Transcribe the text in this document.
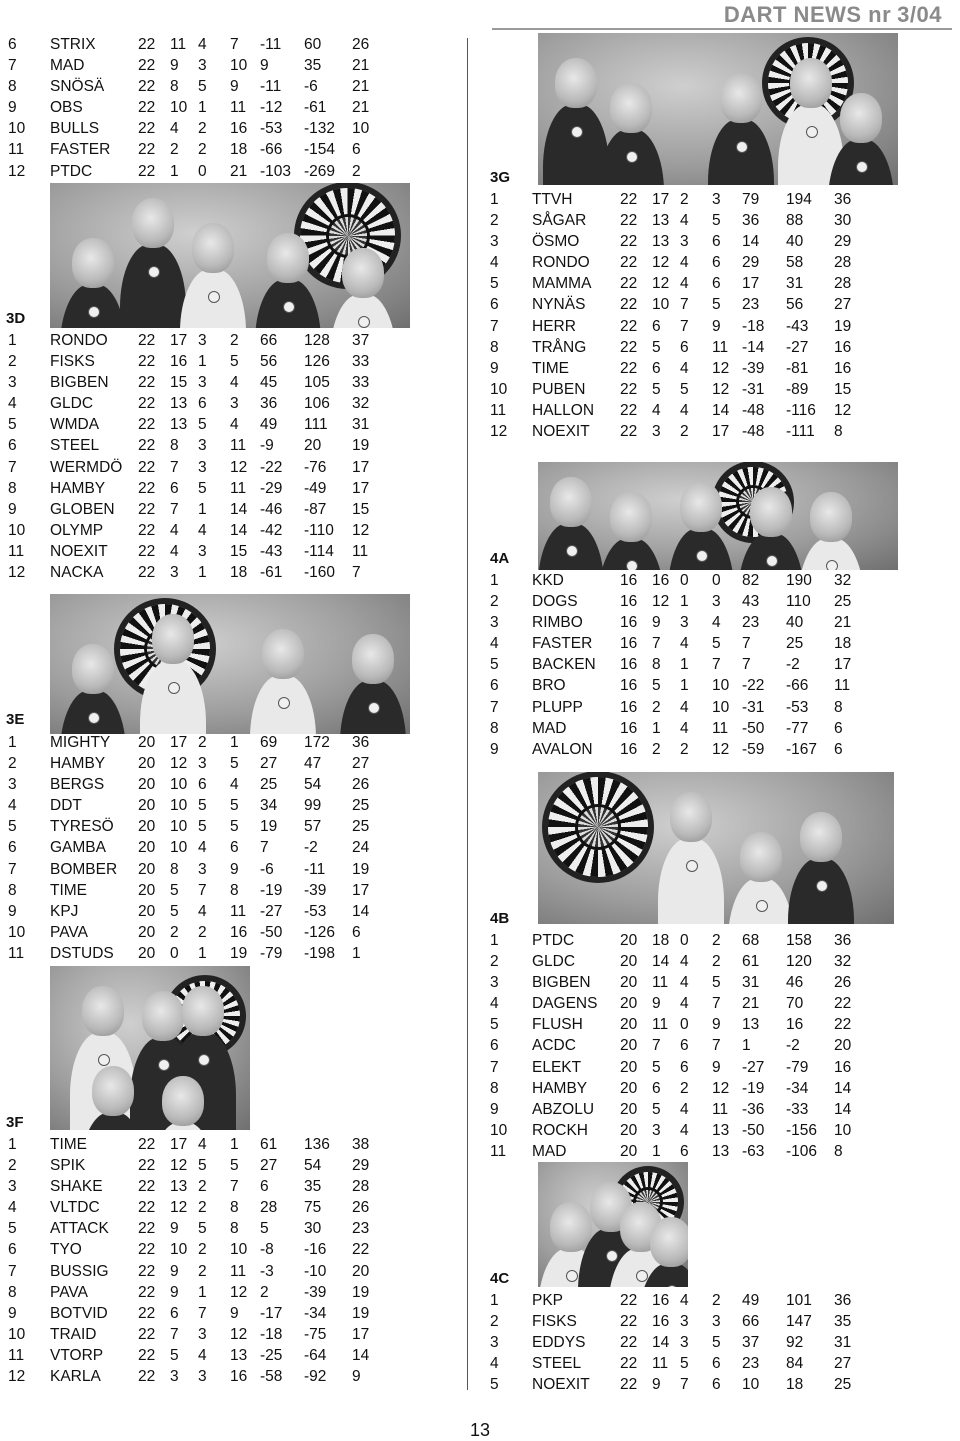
DART NEWS nr 3/04
6 STRIX	22 11 4 7 -11 60 26
7 MAD	22 9 3 10 9 35 21
8 SNÖSÄ 22 8 5 9 -11 -6 21
9 OBS	22 10 1 11 -12 -61 21
10 BULLS	22 4 2 16 -53 -132 10
11 FASTER 22 2 2 18 -66 -154 6
12 PTDC	22 1 0 21 -103 -269 2
3D
1 RONDO 22 17 3 2 66 128 37
2 FISKS	22 16 1 5 56 126 33
3 BIGBEN 22 15 3 4 45 105 33
4 GLDC	22 13 6 3 36 106 32
5 WMDA	22 13 5 4 49 111 31
6 STEEL	22 8 3 11 -9 20 19
7 WERMDÖ 22 7 3 12 -22 -76 17
8 HAMBY 22 6 5 11 -29 -49 17
9 GLOBEN 22 7 1 14 -46 -87 15
10 OLYMP 22 4 4 14 -42 -110 12
11 NOEXIT 22 4 3 15 -43 -114 11
12 NACKA 22 3 1 18 -61 -160 7
3E
1 MIGHTY 20 17 2 1 69 172 36
2 HAMBY 20 12 3 5 27 47 27
3 BERGS 20 10 6 4 25 54 26
4 DDT	20 10 5 5 34 99 25
5 TYRESÖ 20 10 5 5 19 57 25
6 GAMBA 20 10 4 6 7 -2 24
7 BOMBER 20 8 3 9 -6 -11 19
8 TIME	20 5 7 8 -19 -39 17
9 KPJ	20 5 4 11 -27 -53 14
10 PAVA	20 2 2 16 -50 -126 6
11 DSTUDS 20 0 1 19 -79 -198 1
3F
1 TIME	22 17 4 1 61 136 38
2 SPIK	22 12 5 5 27 54 29
3 SHAKE 22 13 2 7 6 35 28
4 VLTDC 22 12 2 8 28 75 26
5 ATTACK 22 9 5 8 5 30 23
6 TYO	22 10 2 10 -8 -16 22
7 BUSSIG 22 9 2 11 -3 -10 20
8 PAVA	22 9 1 12 2 -39 19
9 BOTVID 22 6 7 9 -17 -34 19
10 TRAID	22 7 3 12 -18 -75 17
11 VTORP 22 5 4 13 -25 -64 14
12 KARLA 22 3 3 16 -58 -92 9
3G
1 TTVH	22 17 2 3 79 194 36
2 SÅGAR 22 13 4 5 36 88 30
3 ÖSMO	22 13 3 6 14 40 29
4 RONDO 22 12 4 6 29 58 28
5 MAMMA 22 12 4 6 17 31 28
6 NYNÄS 22 10 7 5 23 56 27
7 HERR	22 6 7 9 -18 -43 19
8 TRÅNG 22 5 6 11 -14 -27 16
9 TIME	22 6 4 12 -39 -81 16
10 PUBEN 22 5 5 12 -31 -89 15
11 HALLON 22 4 4 14 -48 -116 12
12 NOEXIT 22 3 2 17 -48 -111 8
4A
1 KKD	16 16 0 0 82 190 32
2 DOGS	16 12 1 3 43 110 25
3 RIMBO 16 9 3 4 23 40 21
4 FASTER 16 7 4 5 7 25 18
5 BACKEN 16 8 1 7 7 -2 17
6 BRO	16 5 1 10 -22 -66 11
7 PLUPP 16 2 4 10 -31 -53 8
8 MAD	16 1 4 11 -50 -77 6
9 AVALON 16 2 2 12 -59 -167 6
4B
1 PTDC	20 18 0 2 68 158 36
2 GLDC	20 14 4 2 61 120 32
3 BIGBEN 20 11 4 5 31 46 26
4 DAGENS 20 9 4 7 21 70 22
5 FLUSH 20 11 0 9 13 16 22
6 ACDC	20 7 6 7 1 -2 20
7 ELEKT	20 5 6 9 -27 -79 16
8 HAMBY 20 6 2 12 -19 -34 14
9 ABZOLU 20 5 4 11 -36 -33 14
10 ROCKH 20 3 4 13 -50 -156 10
11 MAD	20 1 6 13 -63 -106 8
4C
1 PKP	22 16 4 2 49 101 36
2 FISKS	22 16 3 3 66 147 35
3 EDDYS 22 14 3 5 37 92 31
4 STEEL	22 11 5 6 23 84 27
5 NOEXIT 22 9 7 6 10 18 25
13
